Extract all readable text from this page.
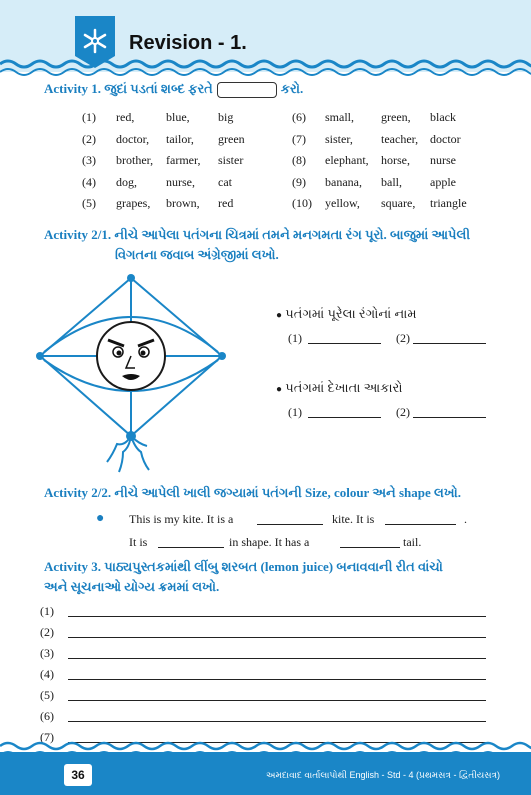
Revision - 1.
Activity 1. જુદાં પડતાં શબ્દ ફરતે	કરો.
(1) red,	blue, big
(2) doctor, tailor, green
(3) brother, farmer, sister
(4) dog, nurse, cat
(5) grapes, brown, red
(6) small, green, black
(7) sister, teacher, doctor
(8) elephant, horse, nurse
(9) banana, ball, apple
(10) yellow, square, triangle
Activity 2/1. નીચે આપેલા પતંગના ચિત્રમાં તમને મનગમતા રંગ પૂરો. બાજુમાં આપેલી
વિગતના જવાબ અંગ્રેજીમાં લખો.
● પતંગમાં પૂરેલા રંગોનાં નામ
(1)	(2)
● પતંગમાં દેખાતા આકારો
(1)	(2)
Activity 2/2. નીચે આપેલી ખાલી જગ્યામાં પતંગની Size, colour અને shape લખો.
● This is my kite. It is a	kite. It is	.
It is	in shape. It has a	tail.
Activity 3. પાઠ્યપુસ્તકમાંથી લીંબુ શરબત (lemon juice) બનાવવાની રીત વાંચો
અને સૂચનાઓ યોગ્ય ક્રમમાં લખો.
(1)
(2)
(3)
(4)
(5)
(6)
(7)
36	અમદાવાદ વાર્તાલાપોથી English - Std - 4 (પ્રથમસત્ર - દ્વિતીયસત્ર)
